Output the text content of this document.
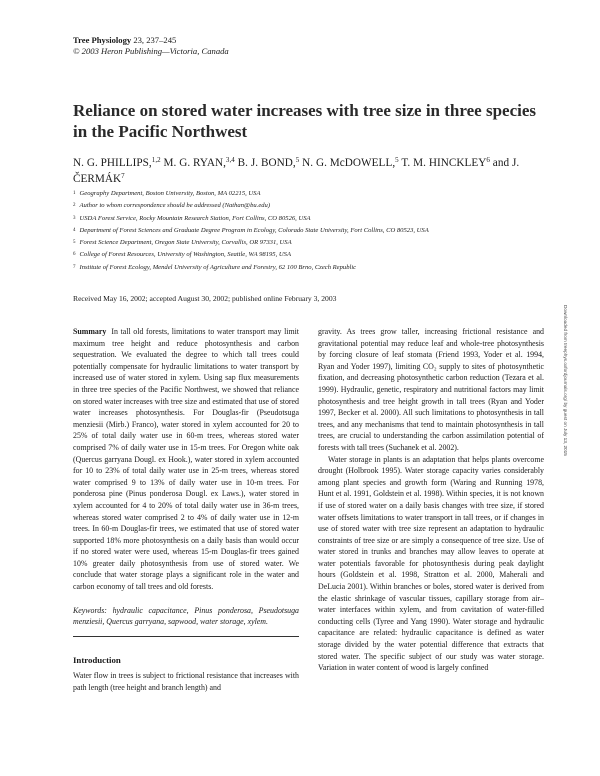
Tree Physiology 23, 237–245
© 2003 Heron Publishing—Victoria, Canada
Reliance on stored water increases with tree size in three species in the Pacific Northwest
N. G. PHILLIPS,$^{1,2}$ M. G. RYAN,$^{3,4}$ B. J. BOND,$^5$ N. G. McDOWELL,$^5$ T. M. HINCKLEY$^6$ and J. ČERMÁK$^7$
$^1$ Geography Department, Boston University, Boston, MA 02215, USA
$^2$ Author to whom correspondence should be addressed (Nathan@bu.edu)
$^3$ USDA Forest Service, Rocky Mountain Research Station, Fort Collins, CO 80526, USA
$^4$ Department of Forest Sciences and Graduate Degree Program in Ecology, Colorado State University, Fort Collins, CO 80523, USA
$^5$ Forest Science Department, Oregon State University, Corvallis, OR 97331, USA
$^6$ College of Forest Resources, University of Washington, Seattle, WA 98195, USA
$^7$ Institute of Forest Ecology, Mendel University of Agriculture and Forestry, 62 100 Brno, Czech Republic
Received May 16, 2002; accepted August 30, 2002; published online February 3, 2003

Summary In tall old forests, limitations to water transport may limit maximum tree height and reduce photosynthesis and carbon sequestration. We evaluated the degree to which tall trees could potentially compensate for hydraulic limitations to water transport by increased use of water stored in xylem. Using sap flux measurements in three tree species of the Pacific Northwest, we showed that reliance on stored water increases with tree size and estimated that use of stored water increases photosynthesis. For Douglas-fir (Pseudotsuga menziesii (Mirb.) Franco), water stored in xylem accounted for 20 to 25% of total daily water use in 60-m trees, whereas stored water comprised 7% of daily water use in 15-m trees. For Oregon white oak (Quercus garryana Dougl. ex Hook.), water stored in xylem accounted for 10 to 23% of total daily water use in 25-m trees, whereas stored water comprised 9 to 13% of daily water use in 10-m trees. For ponderosa pine (Pinus ponderosa Dougl. ex Laws.), water stored in xylem accounted for 4 to 20% of total daily water use in 36-m trees, whereas stored water comprised 2 to 4% of daily water use in 12-m trees. In 60-m Douglas-fir trees, we estimated that use of stored water supported 18% more photosynthesis on a daily basis than would occur if no stored water were used, whereas 15-m Douglas-fir trees gained 10% greater daily photosynthesis from use of stored water. We conclude that water storage plays a significant role in the water and carbon economy of tall trees and old forests.

Keywords: hydraulic capacitance, Pinus ponderosa, Pseudotsuga menziesii, Quercus garryana, sapwood, water storage, xylem.

Introduction

Water flow in trees is subject to frictional resistance that increases with path length (tree height and branch length) and

gravity. As trees grow taller, increasing frictional resistance and gravitational potential may reduce leaf and whole-tree photosynthesis by forcing closure of leaf stomata (Friend 1993, Yoder et al. 1994, Ryan and Yoder 1997), limiting CO₂ supply to sites of photosynthetic fixation, and decreasing photosynthetic carbon reduction (Tezara et al. 1999). Hydraulic, genetic, respiratory and nutritional factors may limit photosynthesis and tree height growth in tall trees (Ryan and Yoder 1997, Becker et al. 2000). All such limitations to photosynthesis in tall trees, and any mechanisms that tend to maintain photosynthesis in tall trees, are crucial to understanding the carbon assimilation potential of forests with tall trees (Suchanek et al. 2002).

Water storage in plants is an adaptation that helps plants overcome drought (Holbrook 1995). Water storage capacity varies considerably among plant species and growth form (Waring and Running 1978, Hunt et al. 1991, Goldstein et al. 1998). Within species, it is not known if use of stored water on a daily basis changes with tree size, if stored water offsets limitations to water transport in tall trees, or if changes in use of stored water with tree size represent an adaptation to hydraulic constraints of tree size or are simply a consequence of tree size. Use of water stored in trunks and branches may allow leaves to operate at water potentials favorable for photosynthesis during peak daylight hours (Goldstein et al. 1998, Stratton et al. 2000, Maherali and DeLucia 2001). Within branches or boles, stored water is derived from the elastic shrinkage of vascular tissues, capillary storage from air–water interfaces within xylem, and from cavitation of water-filled conducting cells (Tyree and Yang 1990). Water storage and hydraulic capacitance are related: hydraulic capacitance is defined as water storage divided by the water potential difference that extracts that stored water. The specific subject of our study was water storage. Variation in water content of wood is largely confined

Downloaded from treephys.oxfordjournals.org/ by guest on July 13, 2015
